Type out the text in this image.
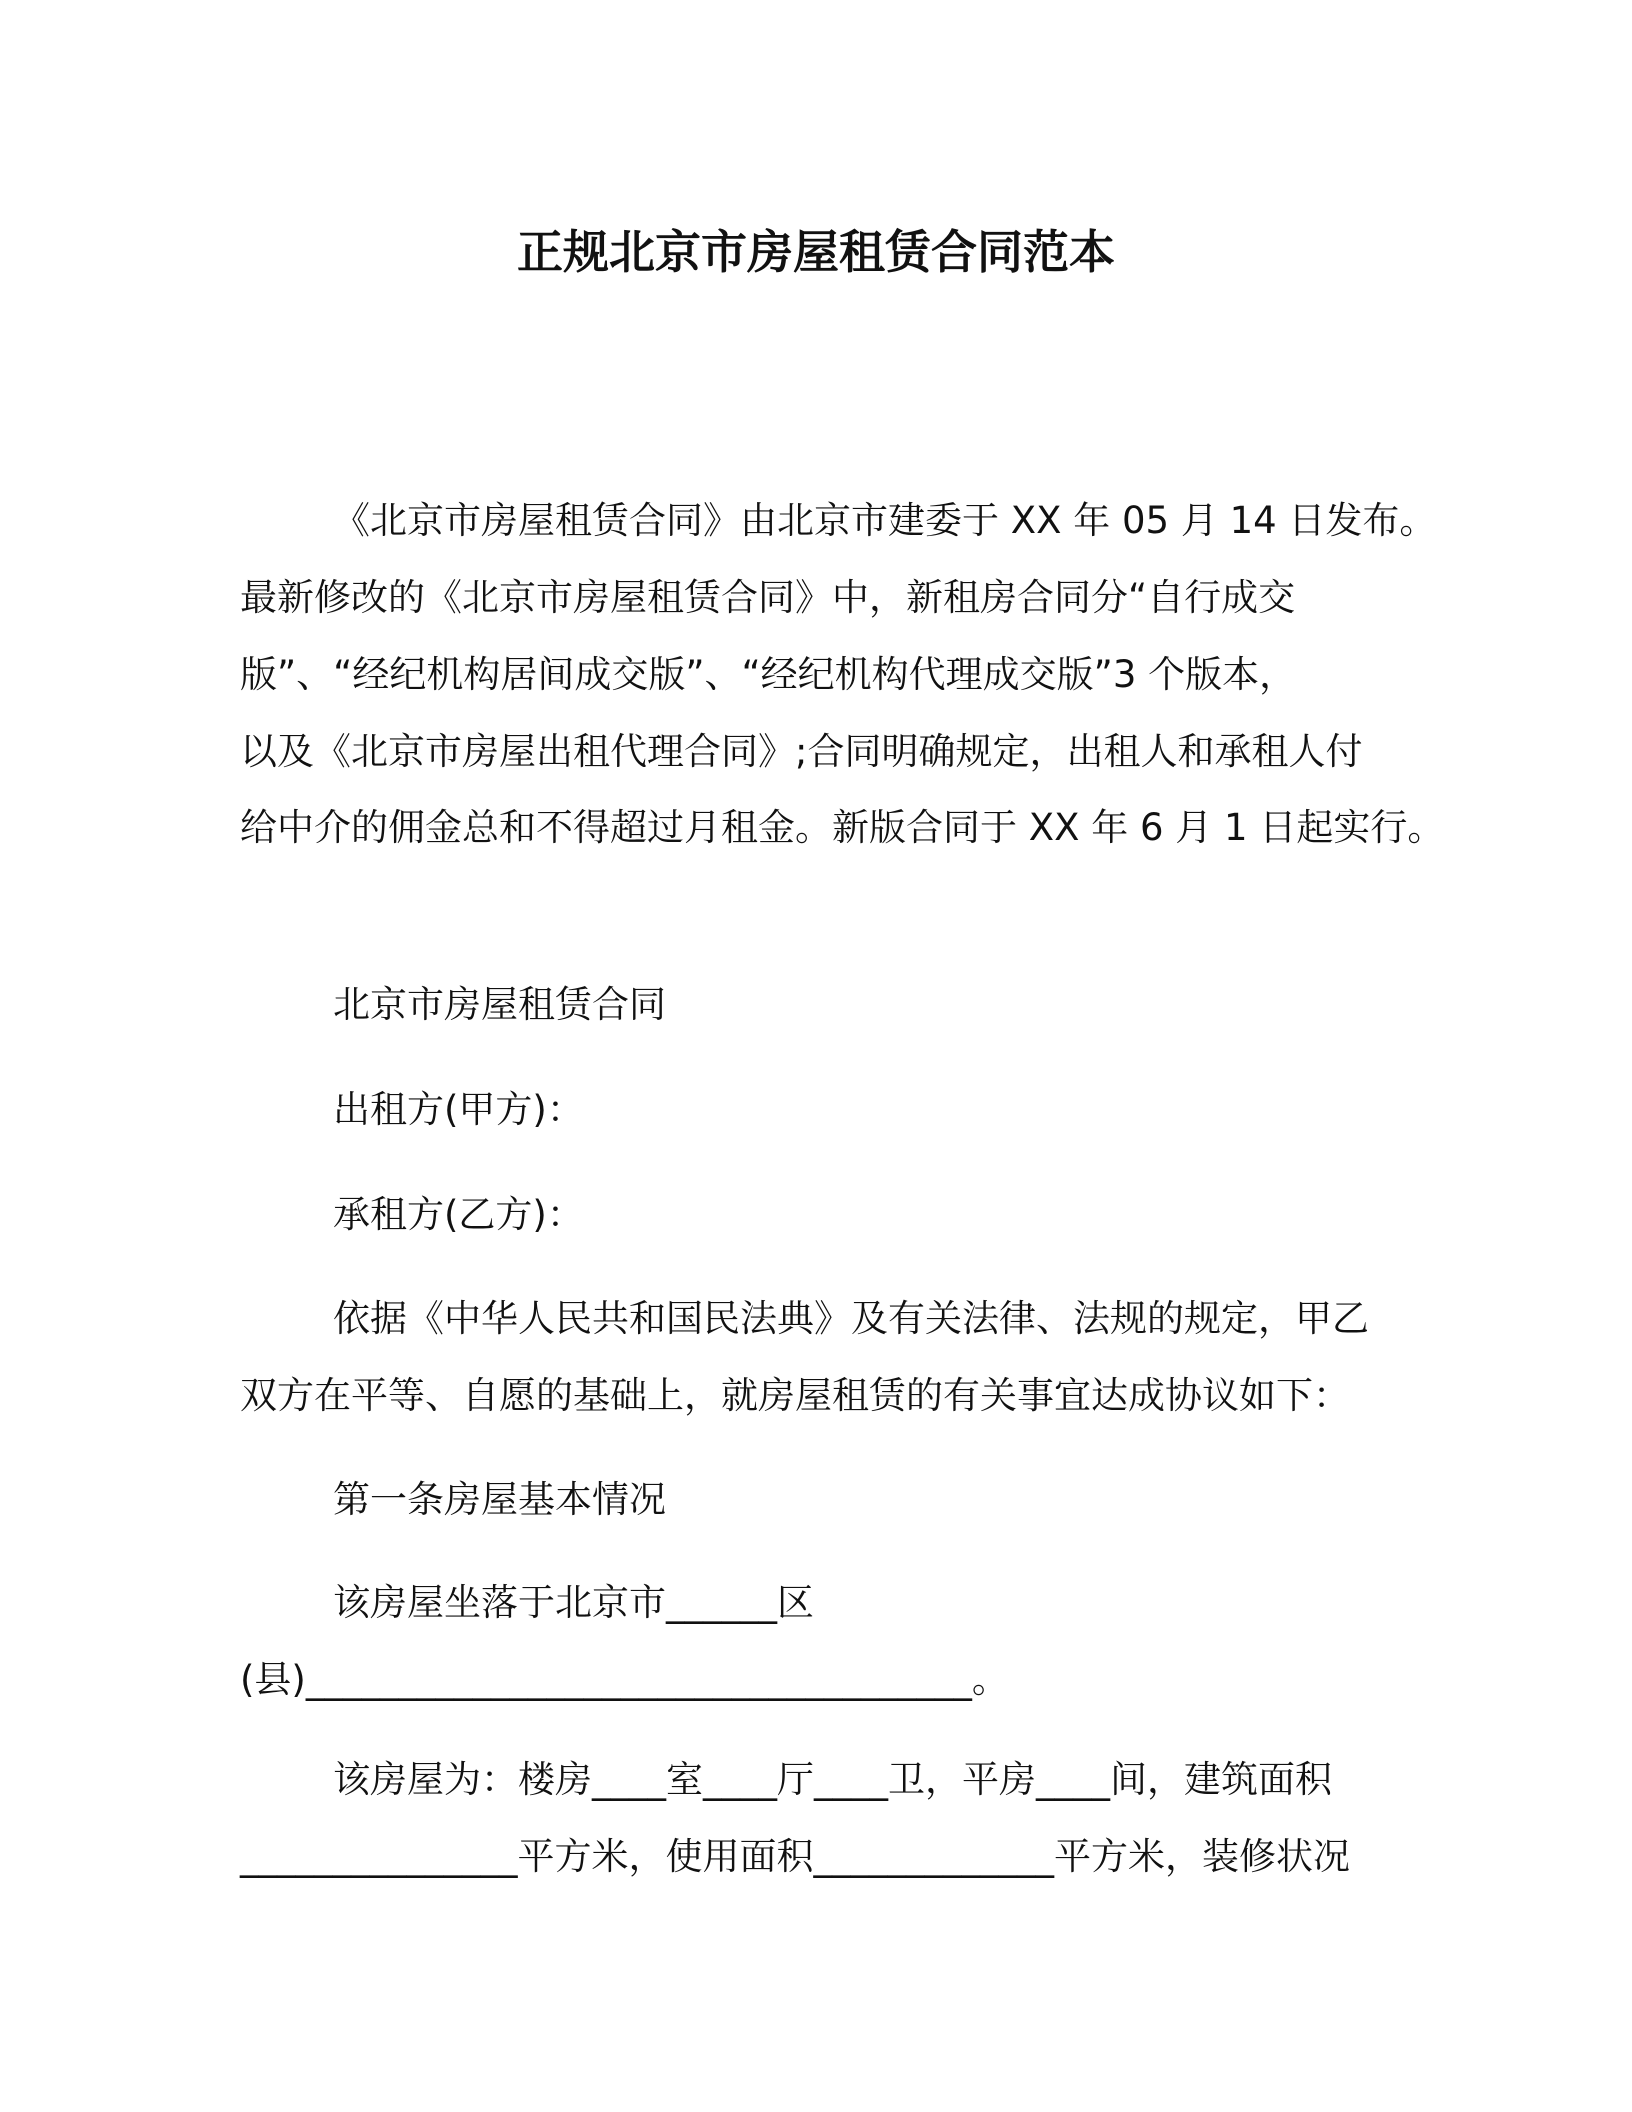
正规北京市房屋租赁合同范本
《北京市房屋租赁合同》由北京市建委于 XX 年 05 月 14 日发布。
最新修改的《北京市房屋租赁合同》中，新租房合同分“自行成交
版”、“经纪机构居间成交版”、“经纪机构代理成交版”3 个版本，
以及《北京市房屋出租代理合同》;合同明确规定，出租人和承租人付
给中介的佣金总和不得超过月租金。新版合同于 XX 年 6 月 1 日起实行。
北京市房屋租赁合同
出租方(甲方)：
承租方(乙方)：
依据《中华人民共和国民法典》及有关法律、法规的规定，甲乙
双方在平等、自愿的基础上，就房屋租赁的有关事宜达成协议如下：
第一条房屋基本情况
该房屋坐落于北京市______区
(县)____________________________________。
该房屋为：楼房____室____厅____卫，平房____间，建筑面积
_______________平方米，使用面积_____________平方米，装修状况
